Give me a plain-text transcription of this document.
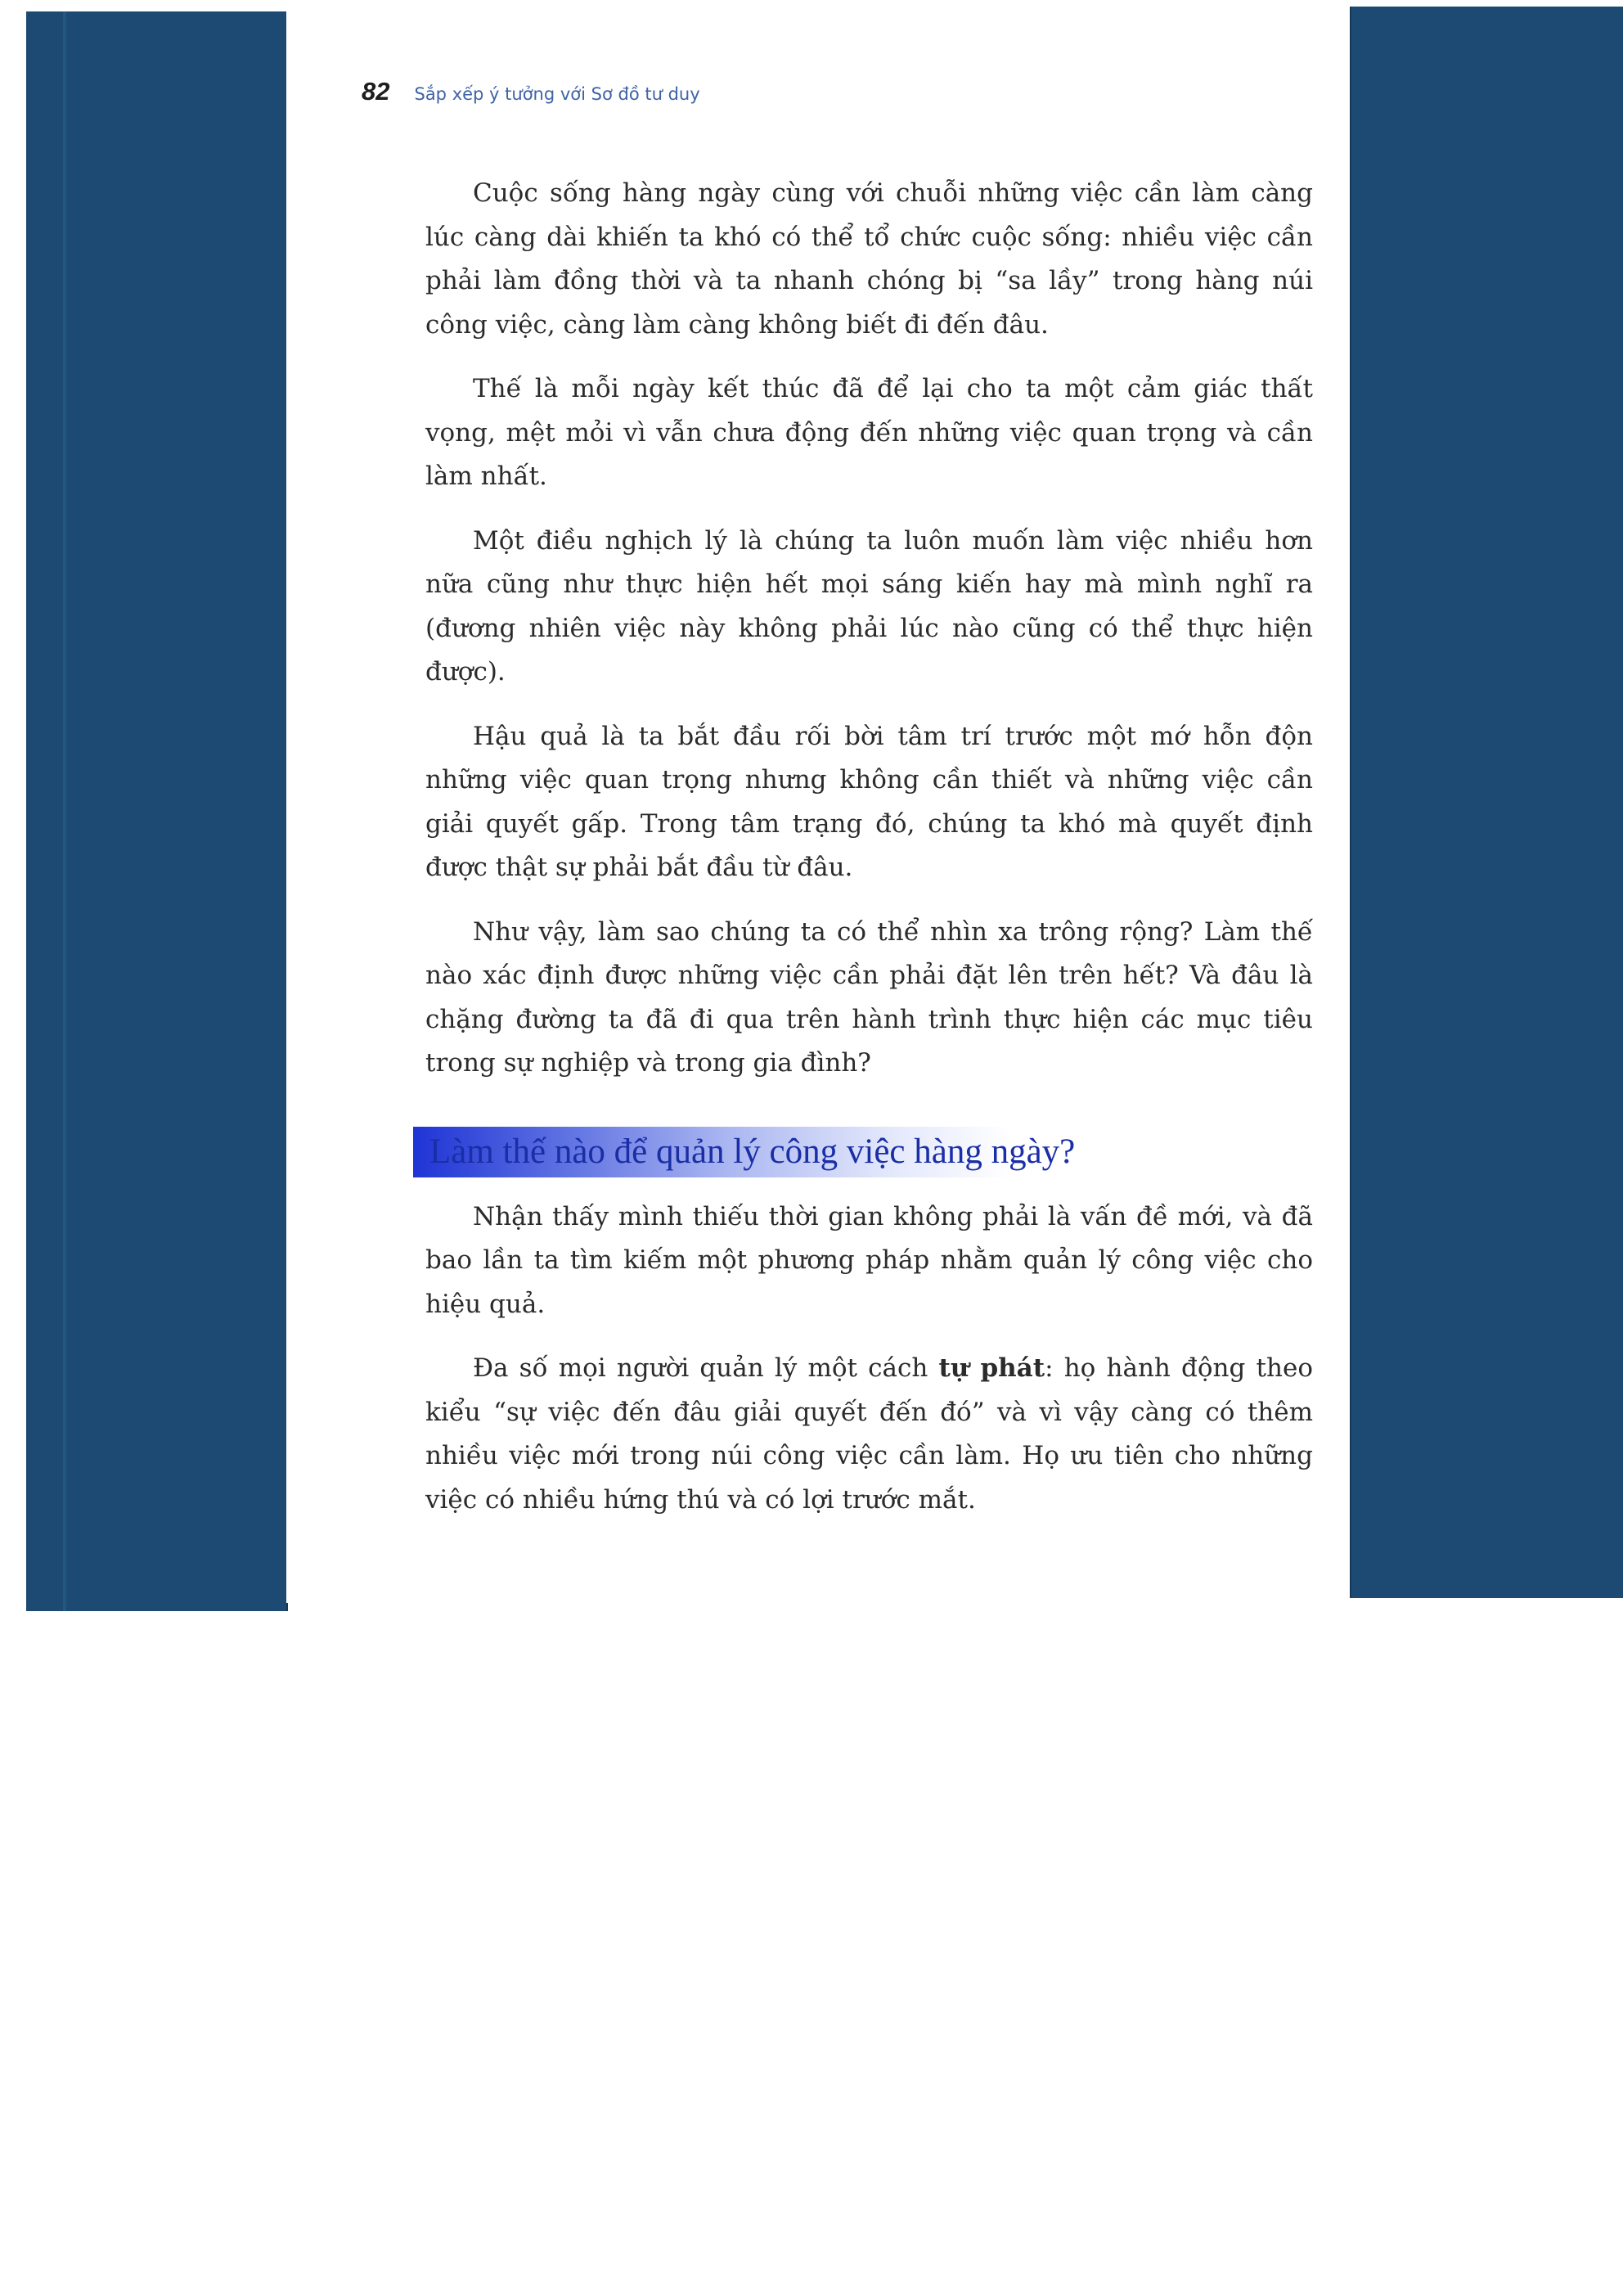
82 Sắp xếp ý tưởng với Sơ đồ tư duy

Cuộc sống hàng ngày cùng với chuỗi những việc cần làm càng lúc càng dài khiến ta khó có thể tổ chức cuộc sống: nhiều việc cần phải làm đồng thời và ta nhanh chóng bị “sa lầy” trong hàng núi công việc, càng làm càng không biết đi đến đâu.

Thế là mỗi ngày kết thúc đã để lại cho ta một cảm giác thất vọng, mệt mỏi vì vẫn chưa động đến những việc quan trọng và cần làm nhất.

Một điều nghịch lý là chúng ta luôn muốn làm việc nhiều hơn nữa cũng như thực hiện hết mọi sáng kiến hay mà mình nghĩ ra (đương nhiên việc này không phải lúc nào cũng có thể thực hiện được).

Hậu quả là ta bắt đầu rối bời tâm trí trước một mớ hỗn độn những việc quan trọng nhưng không cần thiết và những việc cần giải quyết gấp. Trong tâm trạng đó, chúng ta khó mà quyết định được thật sự phải bắt đầu từ đâu.

Như vậy, làm sao chúng ta có thể nhìn xa trông rộng? Làm thế nào xác định được những việc cần phải đặt lên trên hết? Và đâu là chặng đường ta đã đi qua trên hành trình thực hiện các mục tiêu trong sự nghiệp và trong gia đình?

Làm thế nào để quản lý công việc hàng ngày?

Nhận thấy mình thiếu thời gian không phải là vấn đề mới, và đã bao lần ta tìm kiếm một phương pháp nhằm quản lý công việc cho hiệu quả.

Đa số mọi người quản lý một cách tự phát: họ hành động theo kiểu “sự việc đến đâu giải quyết đến đó” và vì vậy càng có thêm nhiều việc mới trong núi công việc cần làm. Họ ưu tiên cho những việc có nhiều hứng thú và có lợi trước mắt.
